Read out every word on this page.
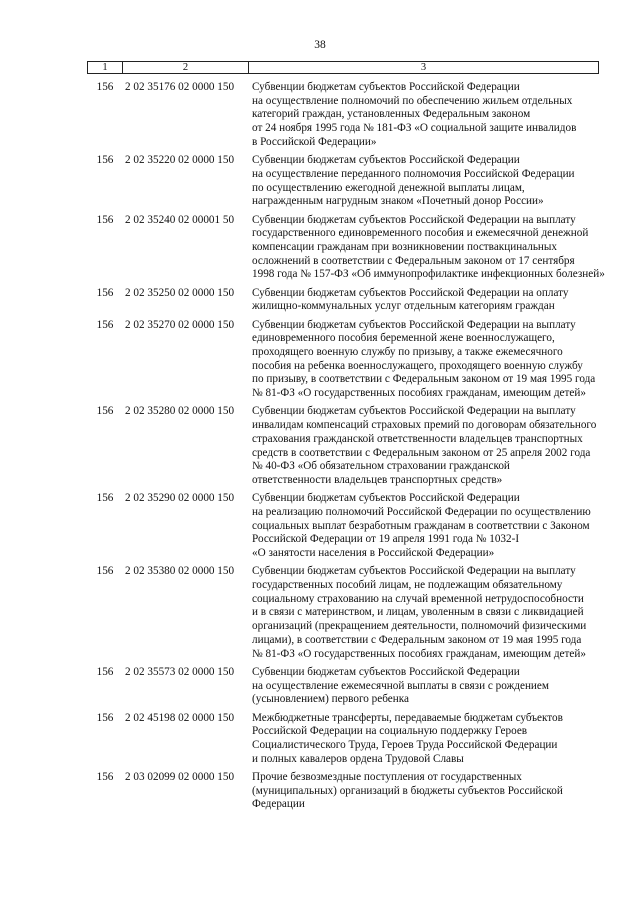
38
1	2	3
156	2 02 35176 02 0000 150	Субвенции бюджетам субъектов Российской Федерации
на осуществление полномочий по обеспечению жильем отдельных
категорий граждан, установленных Федеральным законом
от 24 ноября 1995 года № 181-ФЗ «О социальной защите инвалидов
в Российской Федерации»
156	2 02 35220 02 0000 150	Субвенции бюджетам субъектов Российской Федерации
на осуществление переданного полномочия Российской Федерации
по осуществлению ежегодной денежной выплаты лицам,
награжденным нагрудным знаком «Почетный донор России»
156	2 02 35240 02 00001 50	Субвенции бюджетам субъектов Российской Федерации на выплату
государственного единовременного пособия и ежемесячной денежной
компенсации гражданам при возникновении поствакцинальных
осложнений в соответствии с Федеральным законом от 17 сентября
1998 года № 157-ФЗ «Об иммунопрофилактике инфекционных болезней»
156	2 02 35250 02 0000 150	Субвенции бюджетам субъектов Российской Федерации на оплату
жилищно-коммунальных услуг отдельным категориям граждан
156	2 02 35270 02 0000 150	Субвенции бюджетам субъектов Российской Федерации на выплату
единовременного пособия беременной жене военнослужащего,
проходящего военную службу по призыву, а также ежемесячного
пособия на ребенка военнослужащего, проходящего военную службу
по призыву, в соответствии с Федеральным законом от 19 мая 1995 года
№ 81-ФЗ «О государственных пособиях гражданам, имеющим детей»
156	2 02 35280 02 0000 150	Субвенции бюджетам субъектов Российской Федерации на выплату
инвалидам компенсаций страховых премий по договорам обязательного
страхования гражданской ответственности владельцев транспортных
средств в соответствии с Федеральным законом от 25 апреля 2002 года
№ 40-ФЗ «Об обязательном страховании гражданской
ответственности владельцев транспортных средств»
156	2 02 35290 02 0000 150	Субвенции бюджетам субъектов Российской Федерации
на реализацию полномочий Российской Федерации по осуществлению
социальных выплат безработным гражданам в соответствии с Законом
Российской Федерации от 19 апреля 1991 года № 1032-I
«О занятости населения в Российской Федерации»
156	2 02 35380 02 0000 150	Субвенции бюджетам субъектов Российской Федерации на выплату
государственных пособий лицам, не подлежащим обязательному
социальному страхованию на случай временной нетрудоспособности
и в связи с материнством, и лицам, уволенным в связи с ликвидацией
организаций (прекращением деятельности, полномочий физическими
лицами), в соответствии с Федеральным законом от 19 мая 1995 года
№ 81-ФЗ «О государственных пособиях гражданам, имеющим детей»
156	2 02 35573 02 0000 150	Субвенции бюджетам субъектов Российской Федерации
на осуществление ежемесячной выплаты в связи с рождением
(усыновлением) первого ребенка
156	2 02 45198 02 0000 150	Межбюджетные трансферты, передаваемые бюджетам субъектов
Российской Федерации на социальную поддержку Героев
Социалистического Труда, Героев Труда Российской Федерации
и полных кавалеров ордена Трудовой Славы
156	2 03 02099 02 0000 150	Прочие безвозмездные поступления от государственных
(муниципальных) организаций в бюджеты субъектов Российской
Федерации
